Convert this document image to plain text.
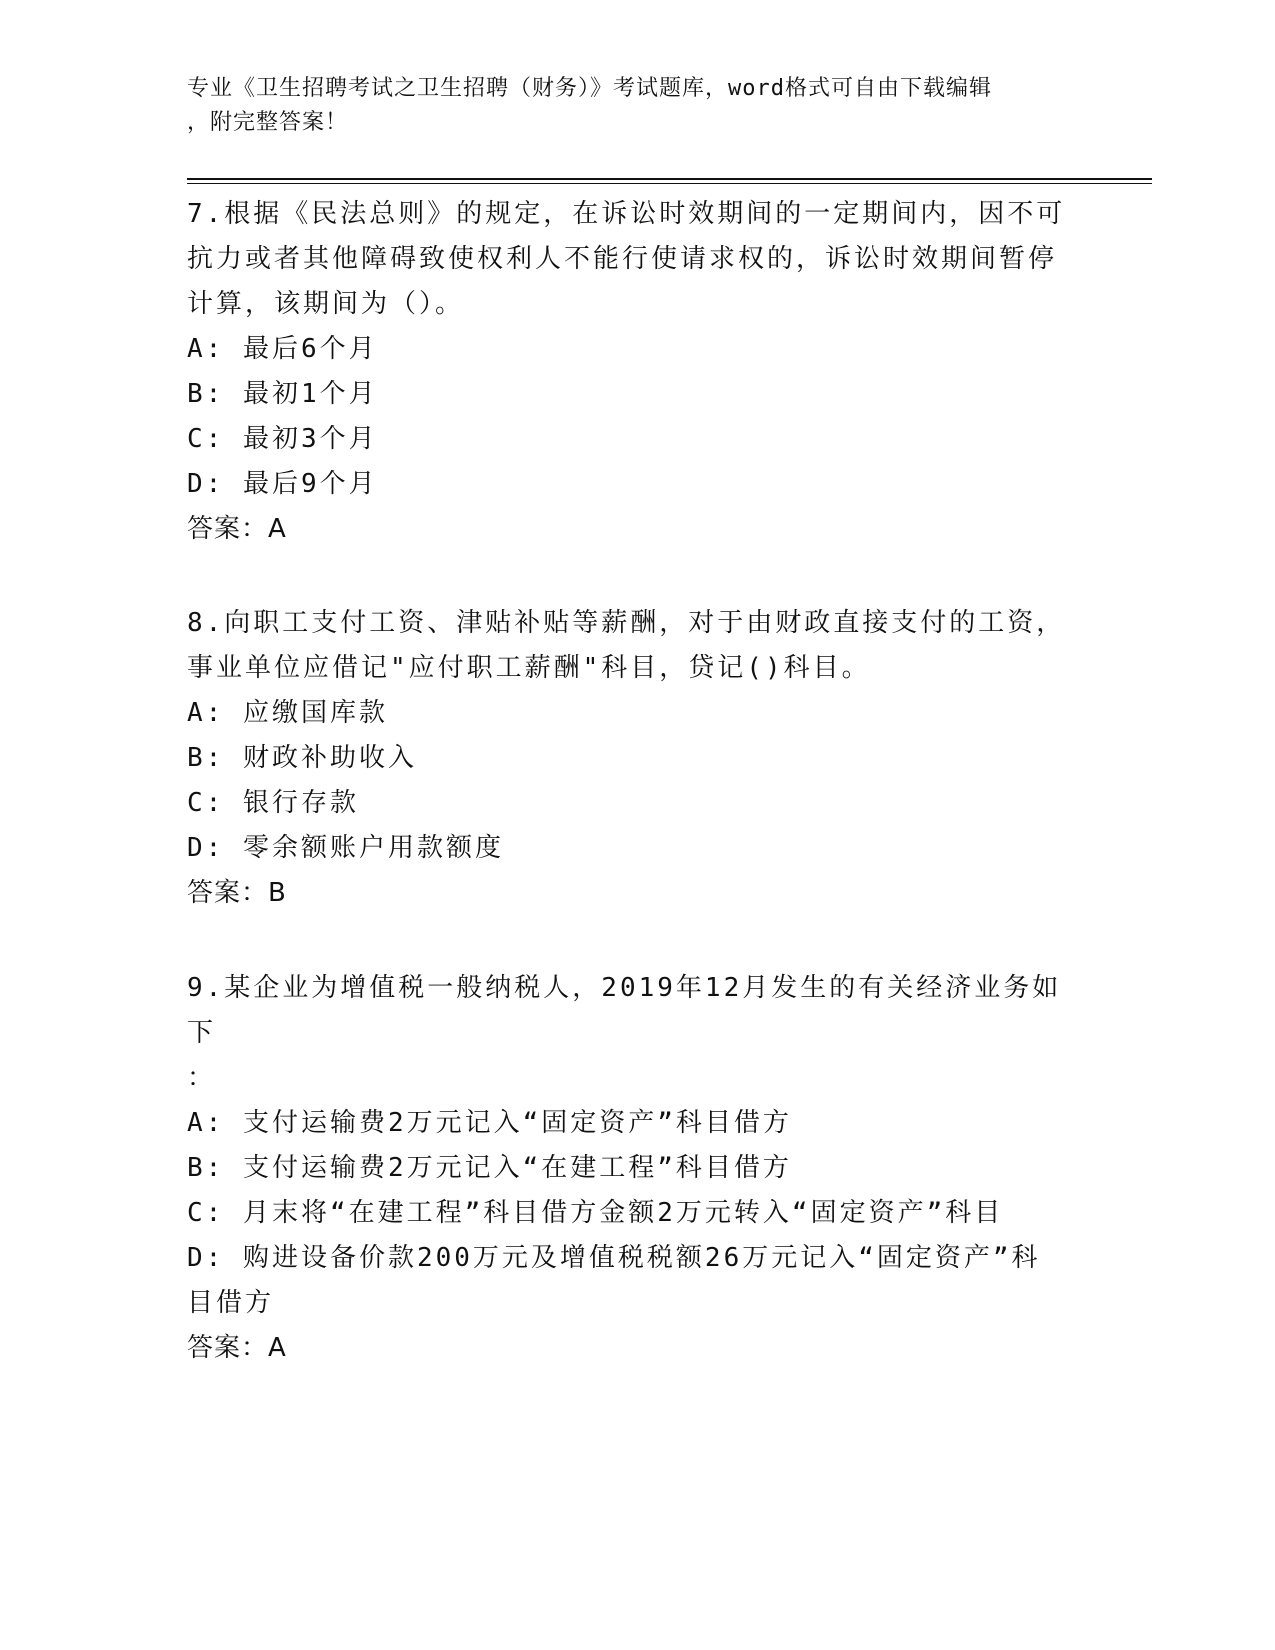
专业《卫生招聘考试之卫生招聘（财务）》考试题库，word格式可自由下载编辑
，附完整答案！

7.根据《民法总则》的规定，在诉讼时效期间的一定期间内，因不可

抗力或者其他障碍致使权利人不能行使请求权的，诉讼时效期间暂停

计算，该期间为（）。

A: 最后6个月

B: 最初1个月

C: 最初3个月

D: 最后9个月

答案：A

8.向职工支付工资、津贴补贴等薪酬，对于由财政直接支付的工资，

事业单位应借记"应付职工薪酬"科目，贷记()科目。

A: 应缴国库款

B: 财政补助收入

C: 银行存款

D: 零余额账户用款额度

答案：B

9.某企业为增值税一般纳税人，2019年12月发生的有关经济业务如下

：

A: 支付运输费2万元记入“固定资产”科目借方

B: 支付运输费2万元记入“在建工程”科目借方

C: 月末将“在建工程”科目借方金额2万元转入“固定资产”科目

D: 购进设备价款200万元及增值税税额26万元记入“固定资产”科

目借方

答案：A
